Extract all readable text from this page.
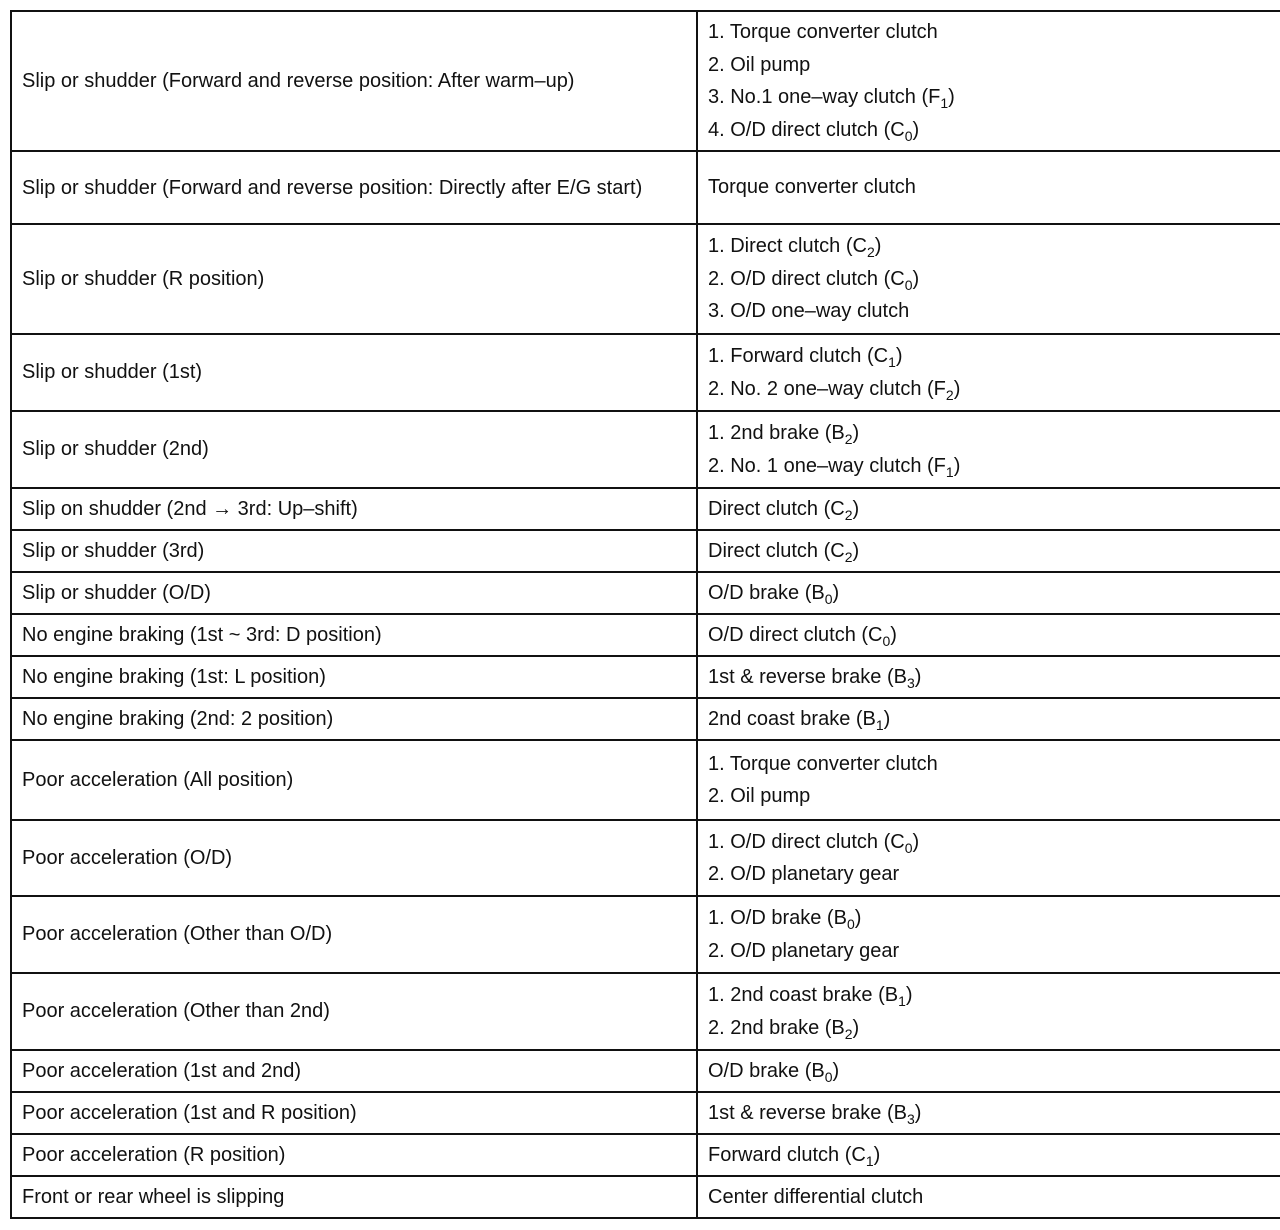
Slip or shudder (Forward and reverse position: After warm–up)	1. Torque converter clutch
2. Oil pump
3. No.1 one–way clutch $(F_1)$
4. O/D direct clutch $(C_0)$

Slip or shudder (Forward and reverse position: Directly after E/G start)	Torque converter clutch

Slip or shudder (R position)	1. Direct clutch $(C_2)$
2. O/D direct clutch $(C_0)$
3. O/D one–way clutch

Slip or shudder (1st)	1. Forward clutch $(C_1)$
2. No. 2 one–way clutch $(F_2)$

Slip or shudder (2nd)	1. 2nd brake $(B_2)$
2. No. 1 one–way clutch $(F_1)$

Slip on shudder (2nd → 3rd: Up–shift)	Direct clutch $(C_2)$

Slip or shudder (3rd)	Direct clutch $(C_2)$

Slip or shudder (O/D)	O/D brake $(B_0)$

No engine braking (1st ~ 3rd: D position)	O/D direct clutch $(C_0)$

No engine braking (1st: L position)	1st & reverse brake $(B_3)$

No engine braking (2nd: 2 position)	2nd coast brake $(B_1)$

Poor acceleration (All position)	1. Torque converter clutch
2. Oil pump

Poor acceleration (O/D)	1. O/D direct clutch $(C_0)$
2. O/D planetary gear

Poor acceleration (Other than O/D)	1. O/D brake $(B_0)$
2. O/D planetary gear

Poor acceleration (Other than 2nd)	1. 2nd coast brake $(B_1)$
2. 2nd brake $(B_2)$

Poor acceleration (1st and 2nd)	O/D brake $(B_0)$

Poor acceleration (1st and R position)	1st & reverse brake $(B_3)$

Poor acceleration (R position)	Forward clutch $(C_1)$

Front or rear wheel is slipping	Center differential clutch
